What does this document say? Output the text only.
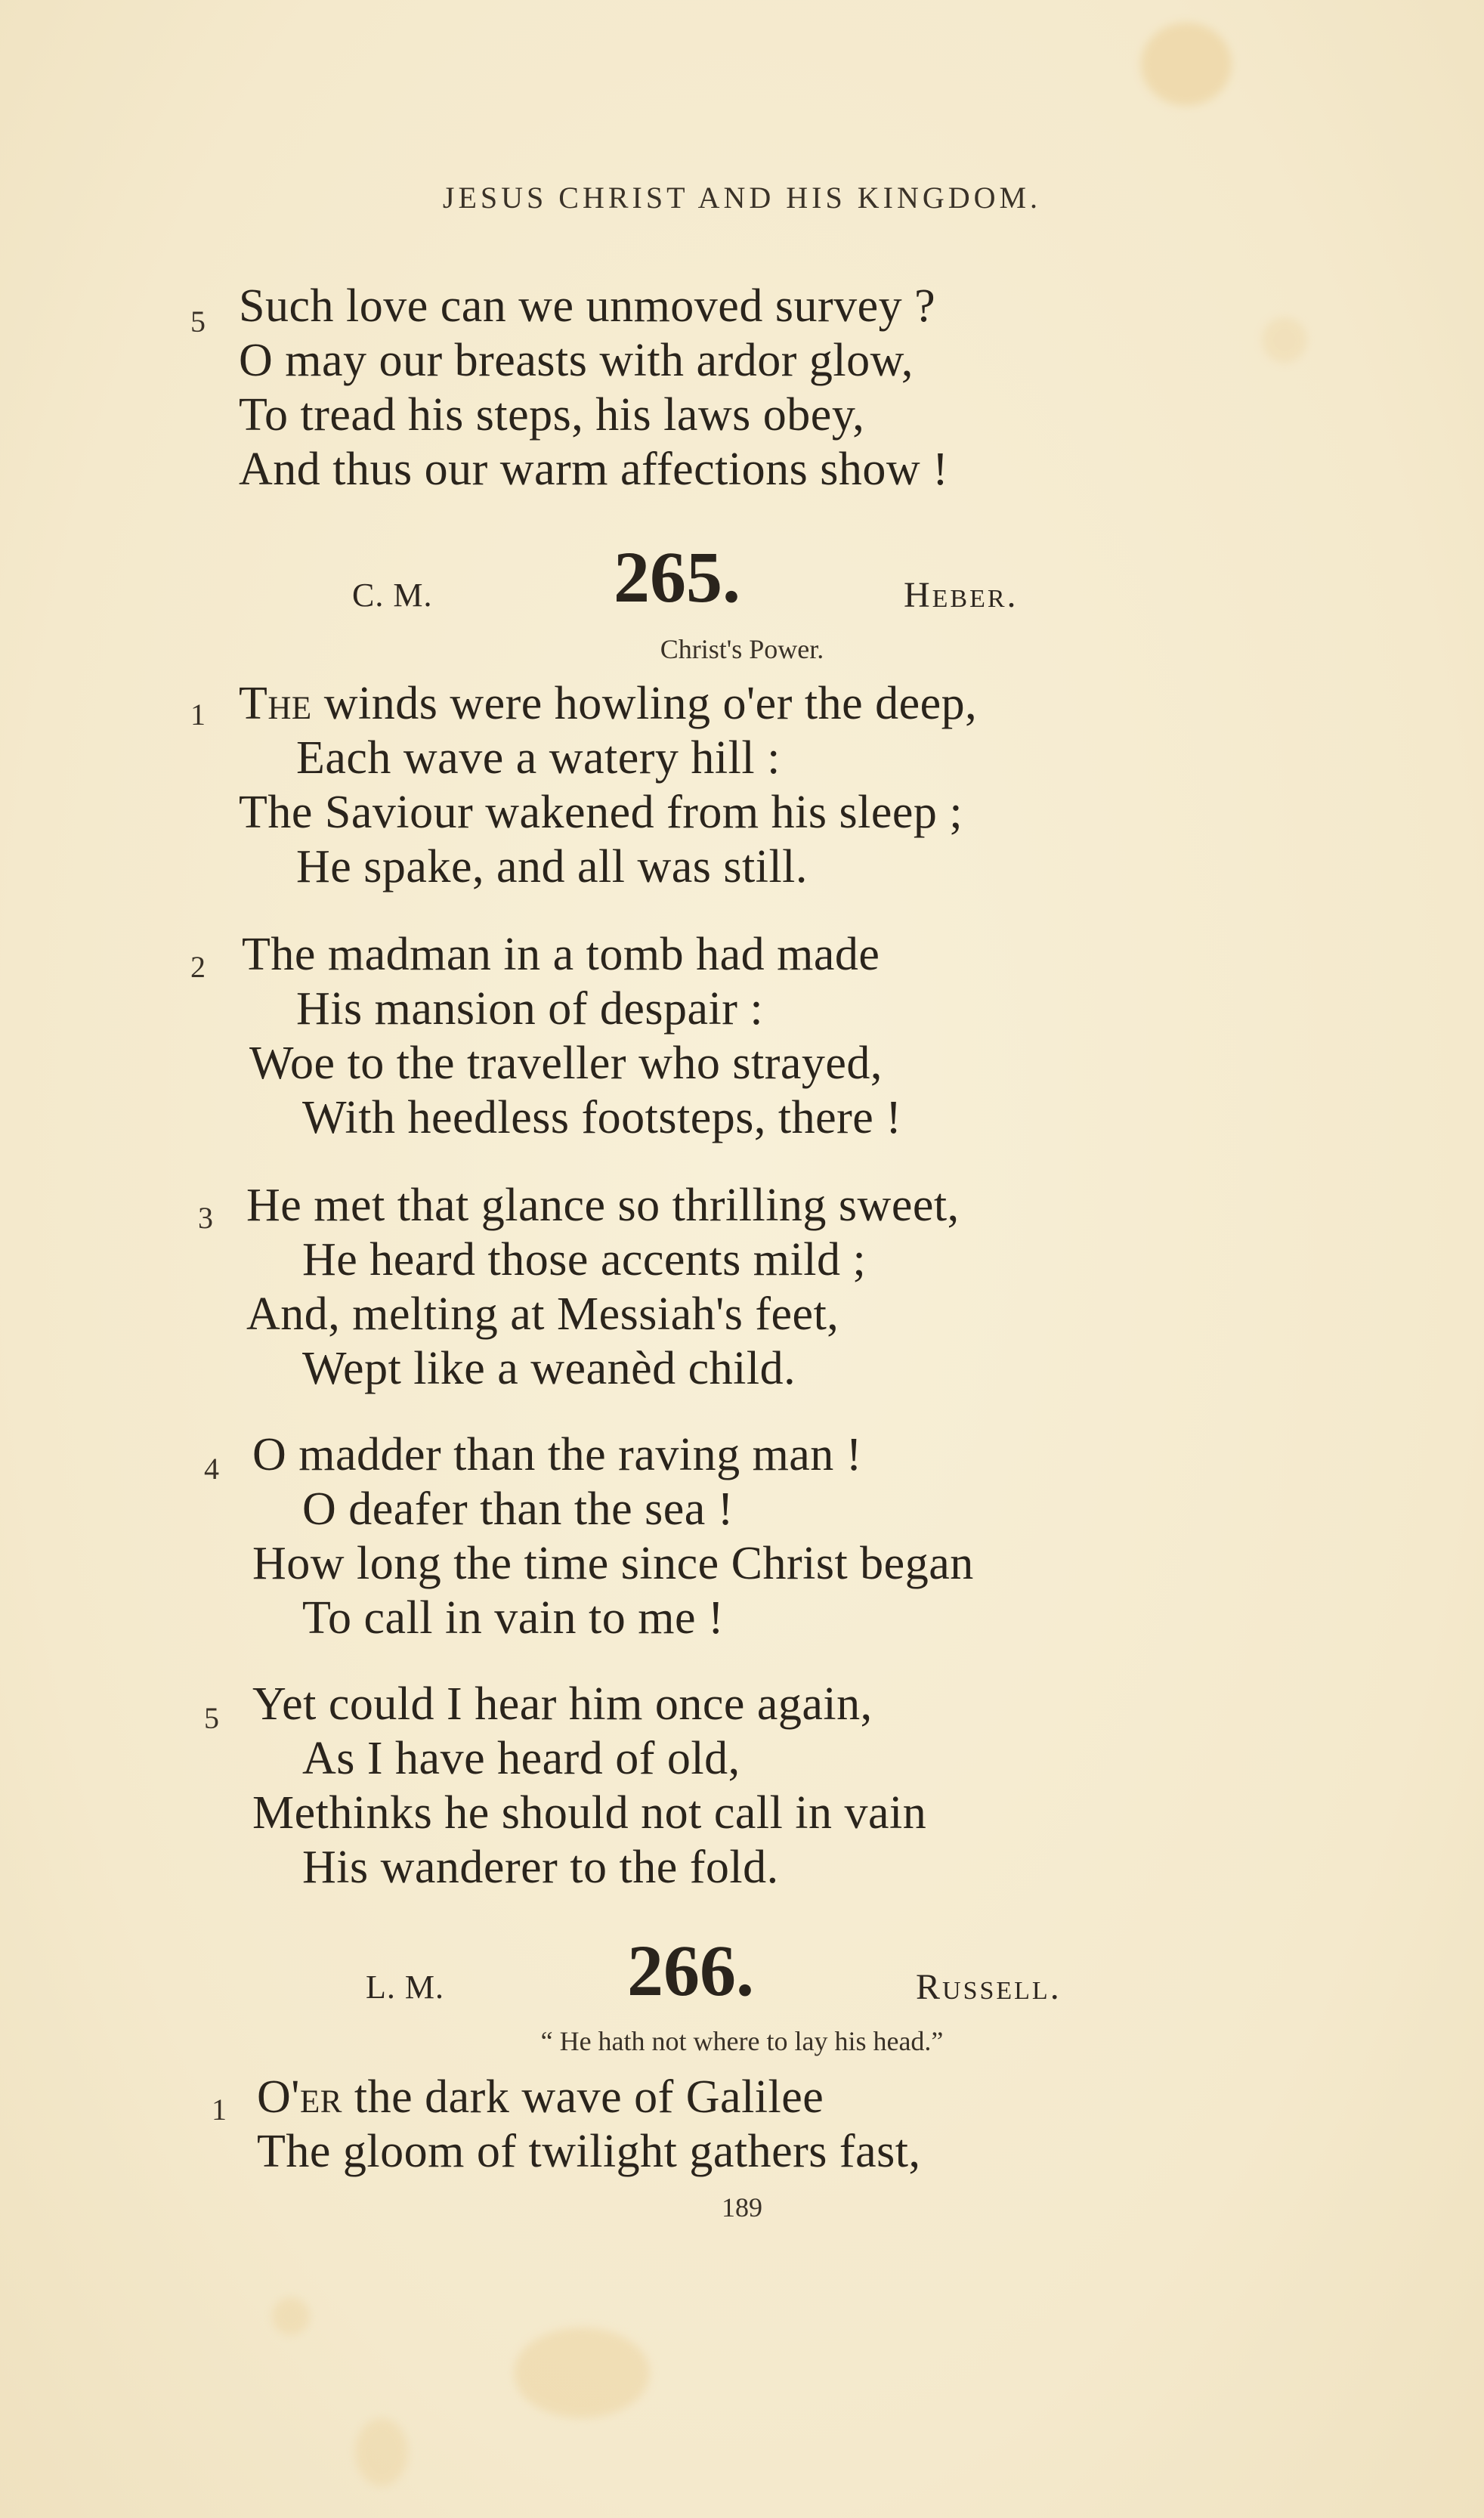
JESUS CHRIST AND HIS KINGDOM.
5 Such love can we unmoved survey ?
O may our breasts with ardor glow,
To tread his steps, his laws obey,
And thus our warm affections show !
C. M. 265.	Heber.
Christ's Power.
1 The winds were howling o'er the deep,
Each wave a watery hill :
The Saviour wakened from his sleep ;
He spake, and all was still.
2 The madman in a tomb had made
His mansion of despair :
Woe to the traveller who strayed,
With heedless footsteps, there !
3 He met that glance so thrilling sweet,
He heard those accents mild ;
And, melting at Messiah's feet,
Wept like a weanèd child.
4 O madder than the raving man !
O deafer than the sea !
How long the time since Christ began
To call in vain to me !
5 Yet could I hear him once again,
As I have heard of old,
Methinks he should not call in vain
His wanderer to the fold.
L. M.	266.	Russell.
“ He hath not where to lay his head.”
1 O'er the dark wave of Galilee
The gloom of twilight gathers fast,
189
